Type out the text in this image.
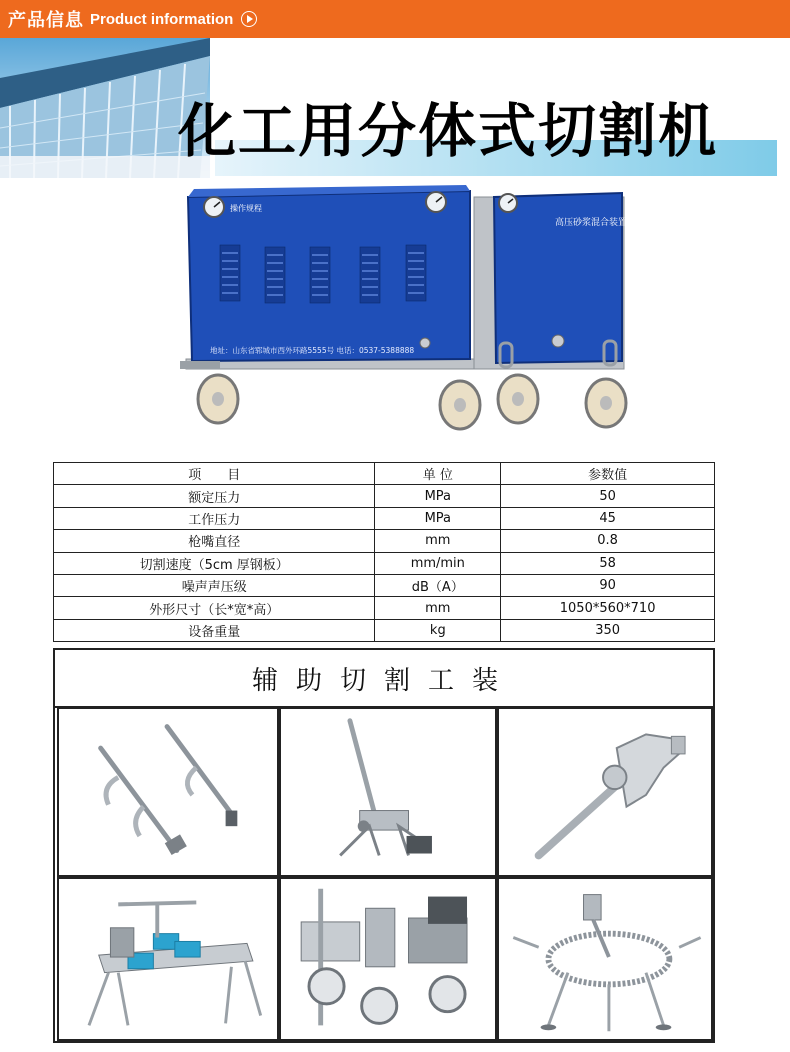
产品信息 Product information
化工用分体式切割机
操作规程
地址：山东省郓城市西外环路5555号 电话：0537-5388888
高压砂浆混合装置
项　　目	单 位	参数值
额定压力	MPa	50
工作压力	MPa	45
枪嘴直径	mm	0.8
切割速度（5cm 厚钢板）	mm/min	58
噪声声压级	dB（A）	90
外形尺寸（长*宽*高）	mm	1050*560*710
设备重量	kg	350
辅助切割工装
